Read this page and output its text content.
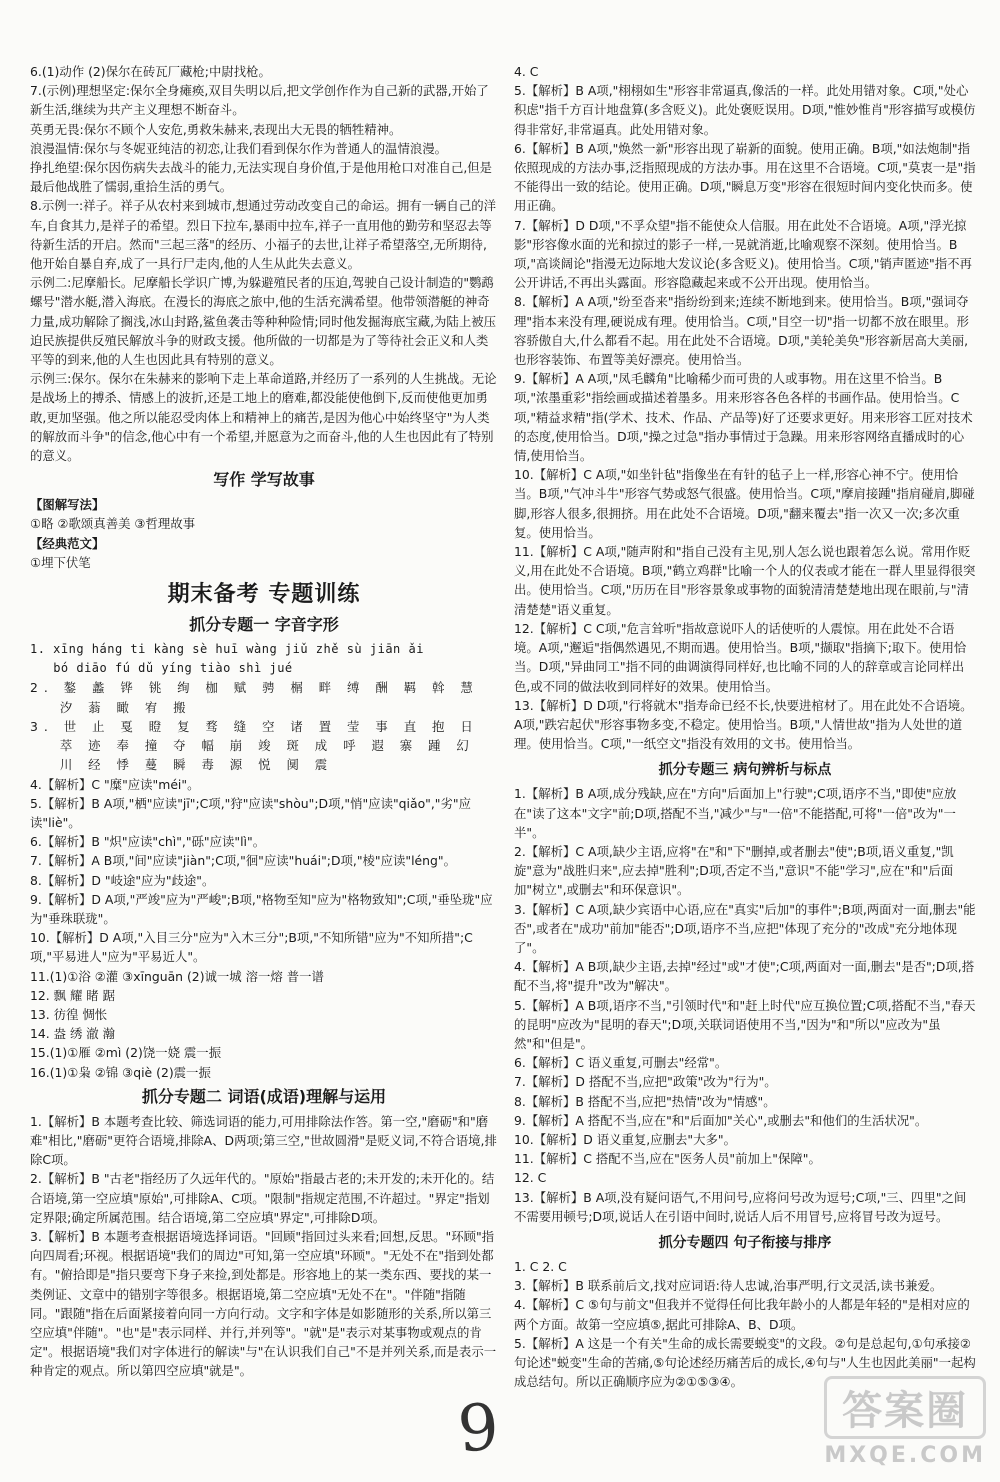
6.(1)动作 (2)保尔在砖瓦厂藏枪;中尉找枪。

7.(示例)理想坚定:保尔全身瘫痪,双目失明以后,把文学创作作为自己新的武器,开始了新生活,继续为共产主义理想不断奋斗。

英勇无畏:保尔不顾个人安危,勇救朱赫来,表现出大无畏的牺牲精神。

浪漫温情:保尔与冬妮亚纯洁的初恋,让我们看到保尔作为普通人的温情浪漫。

挣扎绝望:保尔因伤病失去战斗的能力,无法实现自身价值,于是他用枪口对准自己,但是最后他战胜了懦弱,重拾生活的勇气。

8.示例一:祥子。祥子从农村来到城市,想通过劳动改变自己的命运。拥有一辆自己的洋车,自食其力,是祥子的希望。烈日下拉车,暴雨中拉车,祥子一直用他的勤劳和坚忍去等待新生活的开启。然而"三起三落"的经历、小福子的去世,让祥子希望落空,无所期待,他开始自暴自弃,成了一具行尸走肉,他的人生从此失去意义。

示例二:尼摩船长。尼摩船长学识广博,为躲避殖民者的压迫,驾驶自己设计制造的"鹦鹉螺号"潜水艇,潜入海底。在漫长的海底之旅中,他的生活充满希望。他带领潜艇的神奇力量,成功解除了搁浅,冰山封路,鲨鱼袭击等种种险情;同时他发掘海底宝藏,为陆上被压迫民族提供反殖民解放斗争的财政支援。他所做的一切都是为了等待社会正义和人类平等的到来,他的人生也因此具有特别的意义。

示例三:保尔。保尔在朱赫来的影响下走上革命道路,并经历了一系列的人生挑战。无论是战场上的搏杀、情感上的波折,还是工地上的磨难,都没能使他倒下,反而使他更加勇敢,更加坚强。他之所以能忍受肉体上和精神上的痛苦,是因为他心中始终坚守"为人类的解放而斗争"的信念,他心中有一个希望,并愿意为之而奋斗,他的人生也因此有了特别的意义。

写作 学写故事

【图解写法】

①略 ②歌颂真善美 ③哲理故事

【经典范文】

①埋下伏笔

期末备考 专题训练
抓分专题一 字音字形

1. xīng háng ti kàng sè huī wàng jiǔ zhě sù jiān ǎi

bó diāo fú dǔ yíng tiào shì jué

2. 鏊 蠡 铧 铫 绚 枷 赋 骋 榍 畔 缚 酬 羁 斡 慧

汐 蓊 瞰 宥 搬

3. 世 止 戛 瞪 复 骛 缝 空 诸 置 莹 事 直 抱 日

萃 迹 奉 撞 夺 幅 崩 竣 斑 成 呼 遐 寨 踵 幻

川 经 悸 蔓 瞬 毒 源 悦 阒 震

4.【解析】C "糜"应读"méi"。

5.【解析】B A项,"栖"应读"jī";C项,"狩"应读"shòu";D项,"悄"应读"qiǎo","劣"应读"liè"。

6.【解析】B "炽"应读"chì","砾"应读"lì"。

7.【解析】A B项,"间"应读"jiàn";C项,"徊"应读"huái";D项,"棱"应读"léng"。

8.【解析】D "岐途"应为"歧途"。

9.【解析】D A项,"严竣"应为"严峻";B项,"格物至知"应为"格物致知";C项,"垂坠珑"应为"垂珠联珑"。

10.【解析】D A项,"入目三分"应为"入木三分";B项,"不知所错"应为"不知所措";C项,"平易进人"应为"平易近人"。

11.(1)①浴 ②灌 ③xīnguān (2)诚一城 溶一熔 普一谱

12. 飘 耀 睹 踞

13. 彷徨 惆怅

14. 盎 绣 澈 瀚

15.(1)①雁 ②mì (2)饶一娆 震一振

16.(1)①枭 ②锦 ③qiè (2)震一振

抓分专题二 词语(成语)理解与运用

1.【解析】B 本题考查比较、筛选词语的能力,可用排除法作答。第一空,"磨砺"和"磨难"相比,"磨砺"更符合语境,排除A、D两项;第三空,"世故圆滑"是贬义词,不符合语境,排除C项。

2.【解析】B "古老"指经历了久远年代的。"原始"指最古老的;未开发的;未开化的。结合语境,第一空应填"原始",可排除A、C项。"限制"指规定范围,不许超过。"界定"指划定界限;确定所属范围。结合语境,第二空应填"界定",可排除D项。

3.【解析】B 本题考查根据语境选择词语。"回顾"指回过头来看;回想,反思。"环顾"指向四周看;环视。根据语境"我们的周边"可知,第一空应填"环顾"。"无处不在"指到处都有。"俯拾即是"指只要弯下身子来捡,到处都是。形容地上的某一类东西、要找的某一类例证、文章中的错别字等很多。根据语境,第二空应填"无处不在"。"伴随"指随同。"跟随"指在后面紧接着向同一方向行动。文字和字体是如影随形的关系,所以第三空应填"伴随"。"也"是"表示同样、并行,并列等"。"就"是"表示对某事物或观点的肯定"。根据语境"我们对字体进行的解读"与"在认识我们自己"不是并列关系,而是表示一种肯定的观点。所以第四空应填"就是"。

4. C

5.【解析】B A项,"栩栩如生"形容非常逼真,像活的一样。此处用错对象。C项,"处心积虑"指千方百计地盘算(多含贬义)。此处褒贬误用。D项,"惟妙惟肖"形容描写或模仿得非常好,非常逼真。此处用错对象。

6.【解析】B A项,"焕然一新"形容出现了崭新的面貌。使用正确。B项,"如法炮制"指依照现成的方法办事,泛指照现成的方法办事。用在这里不合语境。C项,"莫衷一是"指不能得出一致的结论。使用正确。D项,"瞬息万变"形容在很短时间内变化快而多。使用正确。

7.【解析】D D项,"不孚众望"指不能使众人信服。用在此处不合语境。A项,"浮光掠影"形容像水面的光和掠过的影子一样,一晃就消逝,比喻观察不深刻。使用恰当。B项,"高谈阔论"指漫无边际地大发议论(多含贬义)。使用恰当。C项,"销声匿迹"指不再公开讲话,不再出头露面。形容隐藏起来或不公开出现。使用恰当。

8.【解析】A A项,"纷至沓来"指纷纷到来;连续不断地到来。使用恰当。B项,"强词夺理"指本来没有理,硬说成有理。使用恰当。C项,"目空一切"指一切都不放在眼里。形容骄傲自大,什么都看不起。用在此处不合语境。D项,"美轮美奂"形容新居高大美丽,也形容装饰、布置等美好漂亮。使用恰当。

9.【解析】A A项,"凤毛麟角"比喻稀少而可贵的人或事物。用在这里不恰当。B项,"浓墨重彩"指绘画或描述着墨多。用来形容各色各样的书画作品。使用恰当。C项,"精益求精"指(学术、技术、作品、产品等)好了还要求更好。用来形容工匠对技术的态度,使用恰当。D项,"操之过急"指办事情过于急躁。用来形容网络直播成时的心情,使用恰当。

10.【解析】C A项,"如坐针毡"指像坐在有针的毡子上一样,形容心神不宁。使用恰当。B项,"气冲斗牛"形容气势或怒气很盛。使用恰当。C项,"摩肩接踵"指肩碰肩,脚碰脚,形容人很多,很拥挤。用在此处不合语境。D项,"翻来覆去"指一次又一次;多次重复。使用恰当。

11.【解析】C A项,"随声附和"指自己没有主见,别人怎么说也跟着怎么说。常用作贬义,用在此处不合语境。B项,"鹤立鸡群"比喻一个人的仪表或才能在一群人里显得很突出。使用恰当。C项,"历历在目"形容景象或事物的面貌清清楚楚地出现在眼前,与"清清楚楚"语义重复。

12.【解析】C C项,"危言耸听"指故意说吓人的话使听的人震惊。用在此处不合语境。A项,"邂逅"指偶然遇见,不期而遇。使用恰当。B项,"撷取"指摘下;取下。使用恰当。D项,"异曲同工"指不同的曲调演得同样好,也比喻不同的人的辞章或言论同样出色,或不同的做法收到同样好的效果。使用恰当。

13.【解析】D D项,"行将就木"指寿命已经不长,快要进棺材了。用在此处不合语境。A项,"跌宕起伏"形容事物多变,不稳定。使用恰当。B项,"人情世故"指为人处世的道理。使用恰当。C项,"一纸空文"指没有效用的文书。使用恰当。

抓分专题三 病句辨析与标点

1.【解析】B A项,成分残缺,应在"方向"后面加上"行驶";C项,语序不当,"即使"应放在"读了这本"文字"前;D项,搭配不当,"减少"与"一倍"不能搭配,可将"一倍"改为"一半"。

2.【解析】C A项,缺少主语,应将"在"和"下"删掉,或者删去"使";B项,语义重复,"凯旋"意为"战胜归来",应去掉"胜利";D项,否定不当,"意识"不能"学习",应在"和"后面加"树立",或删去"和环保意识"。

3.【解析】C A项,缺少宾语中心语,应在"真实"后加"的事件";B项,两面对一面,删去"能否",或者在"成功"前加"能否";D项,语序不当,应把"体现了充分的"改成"充分地体现了"。

4.【解析】A B项,缺少主语,去掉"经过"或"才使";C项,两面对一面,删去"是否";D项,搭配不当,将"提升"改为"解决"。

5.【解析】A B项,语序不当,"引领时代"和"赶上时代"应互换位置;C项,搭配不当,"春天的昆明"应改为"昆明的春天";D项,关联词语使用不当,"因为"和"所以"应改为"虽然"和"但是"。

6.【解析】C 语义重复,可删去"经常"。

7.【解析】D 搭配不当,应把"政策"改为"行为"。

8.【解析】B 搭配不当,应把"热情"改为"情感"。

9.【解析】A 搭配不当,应在"和"后面加"关心",或删去"和他们的生活状况"。

10.【解析】D 语义重复,应删去"大多"。

11.【解析】C 搭配不当,应在"医务人员"前加上"保障"。

12. C

13.【解析】B A项,没有疑问语气,不用问号,应将问号改为逗号;C项,"三、四里"之间不需要用顿号;D项,说话人在引语中间时,说话人后不用冒号,应将冒号改为逗号。

抓分专题四 句子衔接与排序

1. C 2. C

3.【解析】B 联系前后文,找对应词语:待人忠诚,治事严明,行文灵活,读书兼爱。

4.【解析】C ⑤句与前文"但我并不觉得任何比我年龄小的人都是年轻的"是相对应的两个方面。故第一空应填⑤,据此可排除A、B、D项。

5.【解析】A 这是一个有关"生命的成长需要蜕变"的文段。②句是总起句,①句承接②句论述"蜕变"生命的苦痛,⑤句论述经历痛苦后的成长,④句与"人生也因此美丽"一起构成总结句。所以正确顺序应为②①⑤③④。

9	答案圈
MXQE.COM
